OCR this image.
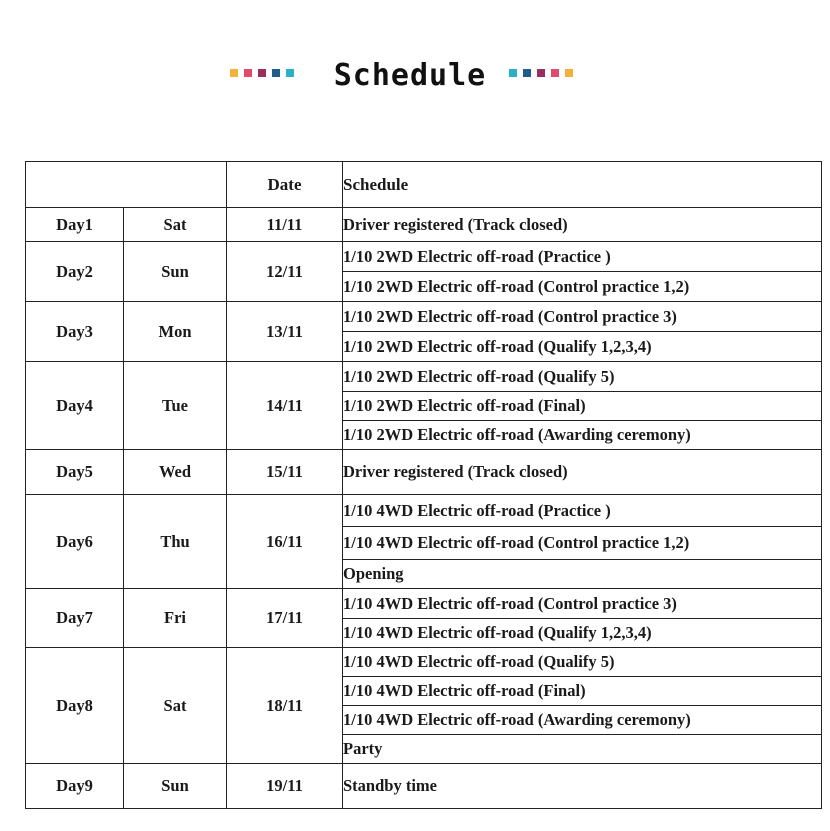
Schedule
		Date	Schedule
Day1	Sat	11/11	Driver registered (Track closed)
Day2	Sun	12/11	1/10 2WD Electric off-road (Practice )
			1/10 2WD Electric off-road (Control practice 1,2)
Day3	Mon	13/11	1/10 2WD Electric off-road (Control practice 3)
			1/10 2WD Electric off-road (Qualify 1,2,3,4)
Day4	Tue	14/11	1/10 2WD Electric off-road (Qualify 5)
			1/10 2WD Electric off-road (Final)
			1/10 2WD Electric off-road (Awarding ceremony)
Day5	Wed	15/11	Driver registered (Track closed)
Day6	Thu	16/11	1/10 4WD Electric off-road (Practice )
			1/10 4WD Electric off-road (Control practice 1,2)
			Opening
Day7	Fri	17/11	1/10 4WD Electric off-road (Control practice 3)
			1/10 4WD Electric off-road (Qualify 1,2,3,4)
Day8	Sat	18/11	1/10 4WD Electric off-road (Qualify 5)
			1/10 4WD Electric off-road (Final)
			1/10 4WD Electric off-road (Awarding ceremony)
			Party
Day9	Sun	19/11	Standby time
